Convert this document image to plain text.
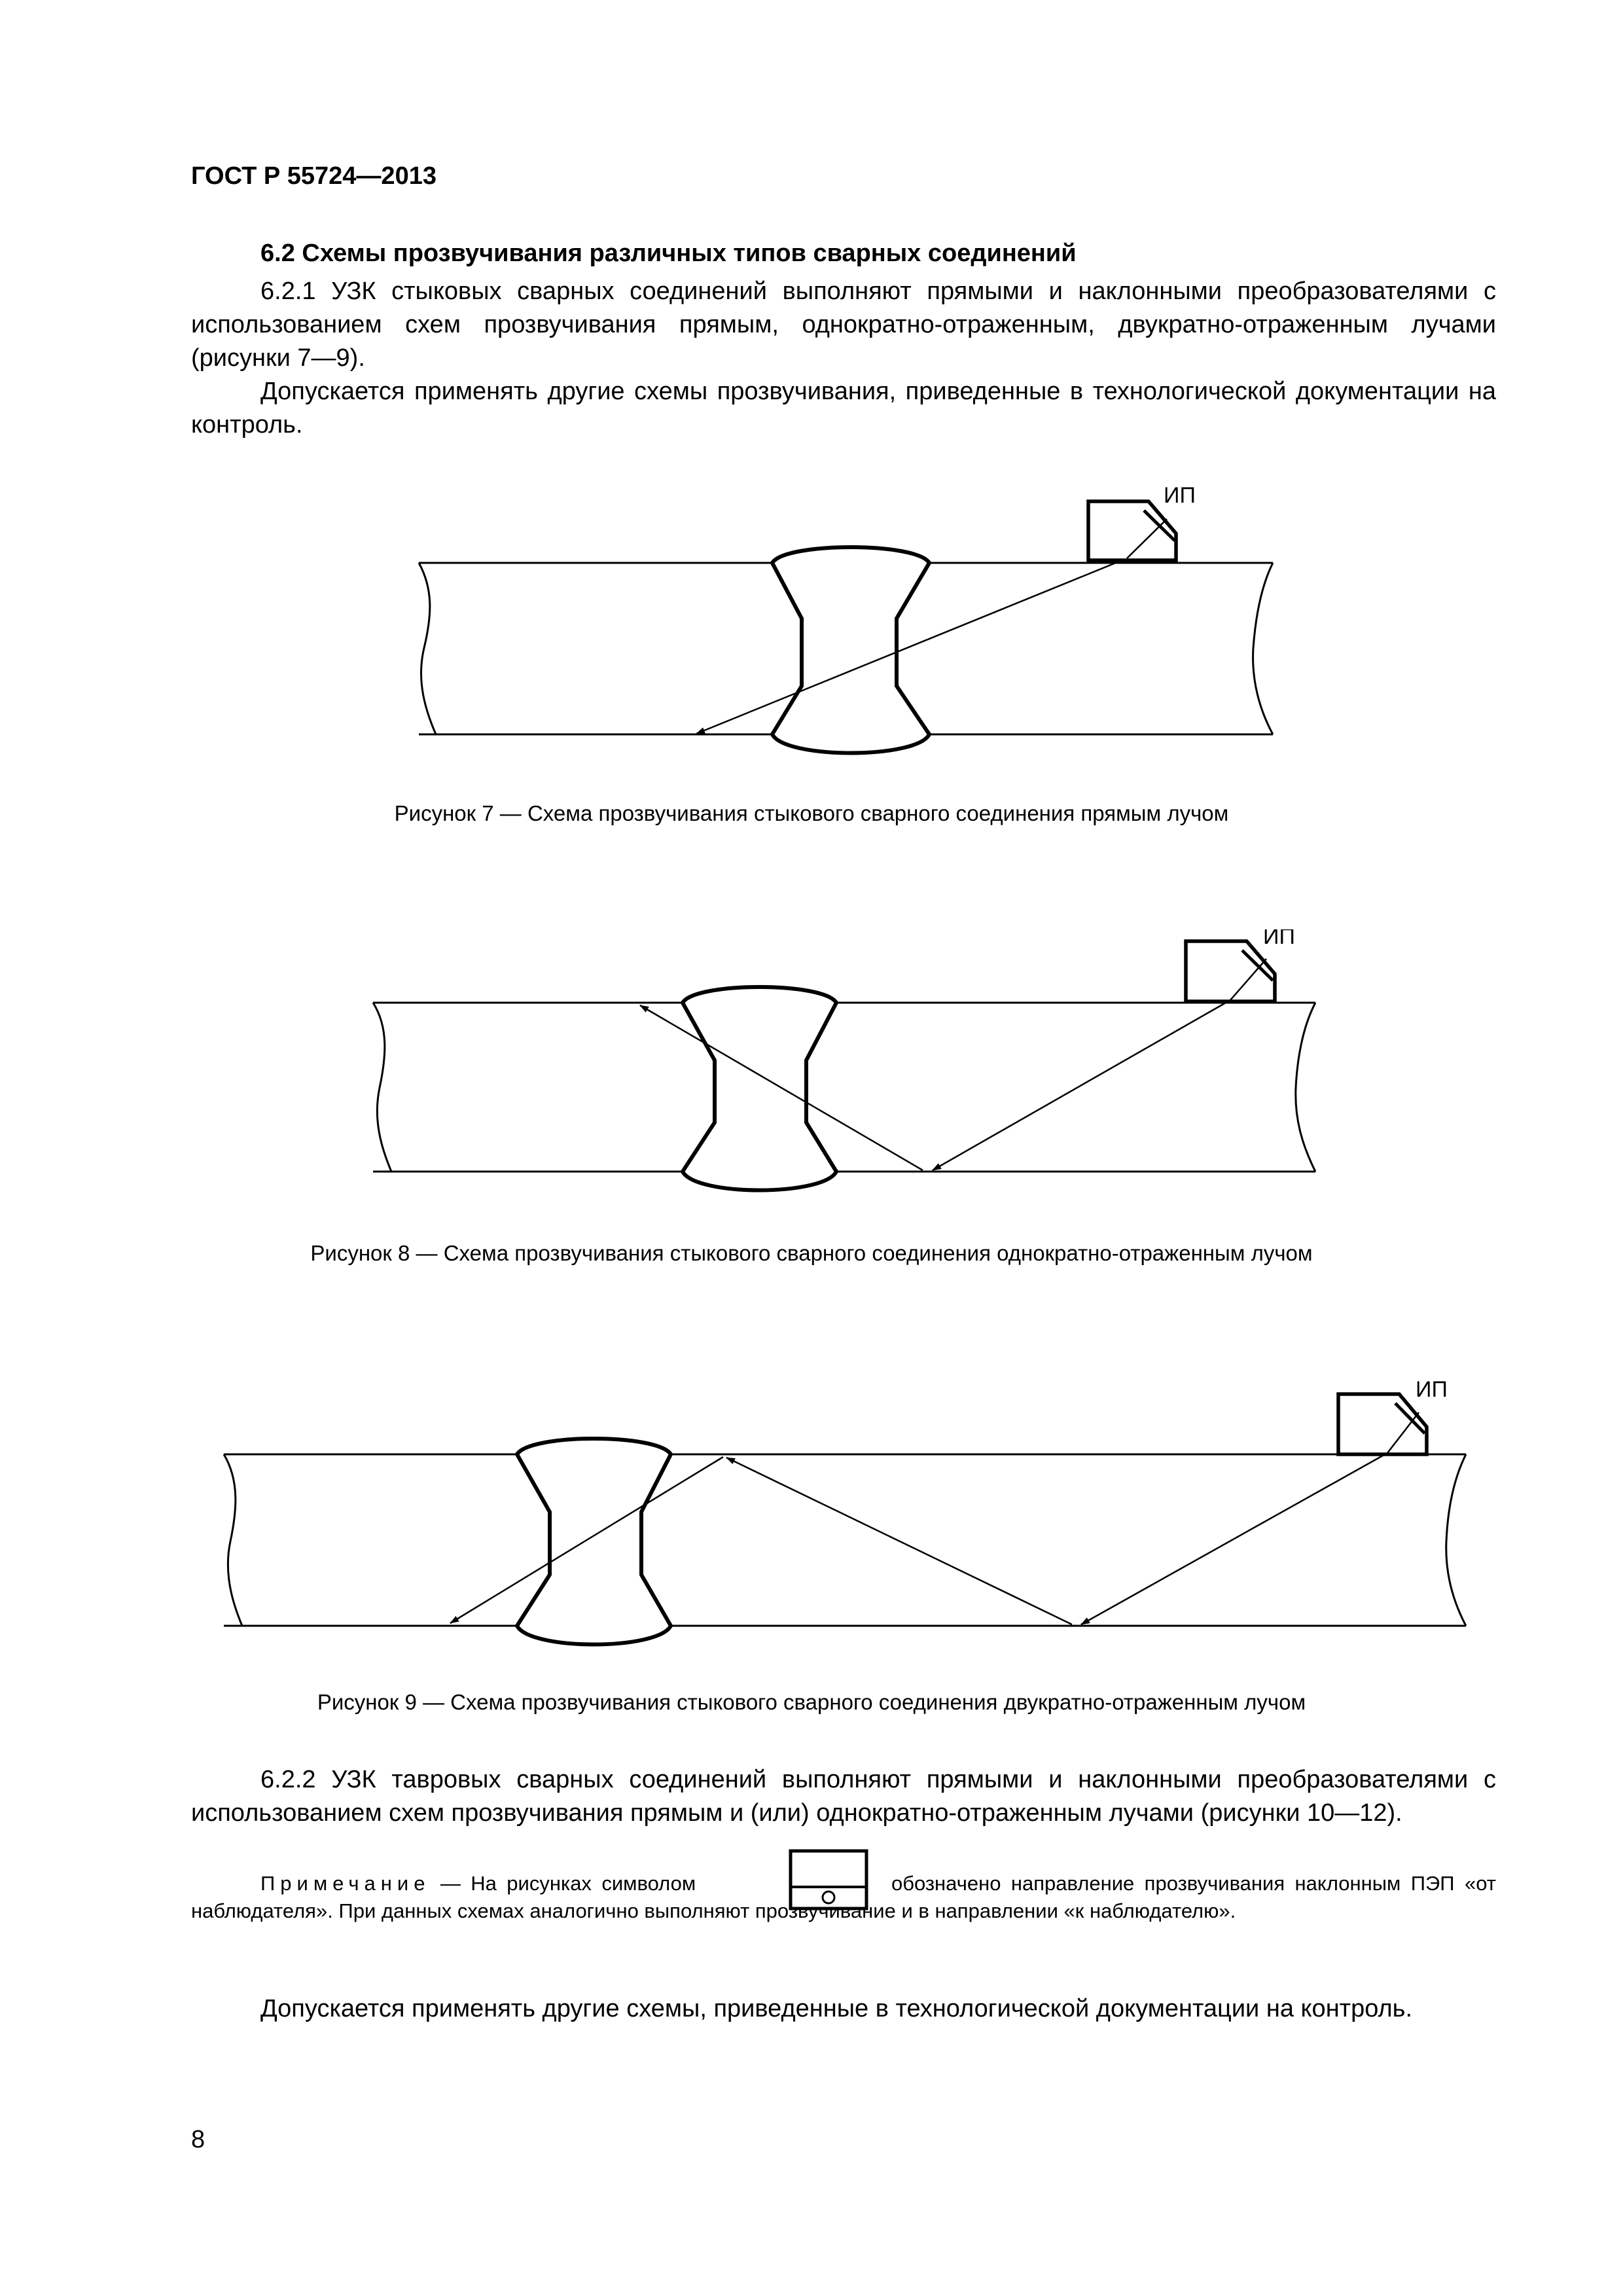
ГОСТ Р 55724—2013
6.2 Схемы прозвучивания различных типов сварных соединений

6.2.1 УЗК стыковых сварных соединений выполняют прямыми и наклонными преобразователями с использованием схем прозвучивания прямым, однократно-отраженным, двукратно-отраженным лучами (рисунки 7—9).

Допускается применять другие схемы прозвучивания, приведенные в технологической документации на контроль.

ИП
Рисунок 7 — Схема прозвучивания стыкового сварного соединения прямым лучом
ИП
Рисунок 8 — Схема прозвучивания стыкового сварного соединения однократно-отраженным лучом
ИП
Рисунок 9 — Схема прозвучивания стыкового сварного соединения двукратно-отраженным лучом

6.2.2 УЗК тавровых сварных соединений выполняют прямыми и наклонными преобразователями с использованием схем прозвучивания прямым и (или) однократно-отраженным лучами (рисунки 10—12).

Примечание — На рисунках символом	обозначено направление прозвучивания наклонным ПЭП «от наблюдателя». При данных схемах аналогично выполняют прозвучивание и в направлении «к наблюдателю».

Допускается применять другие схемы, приведенные в технологической документации на контроль.

8
